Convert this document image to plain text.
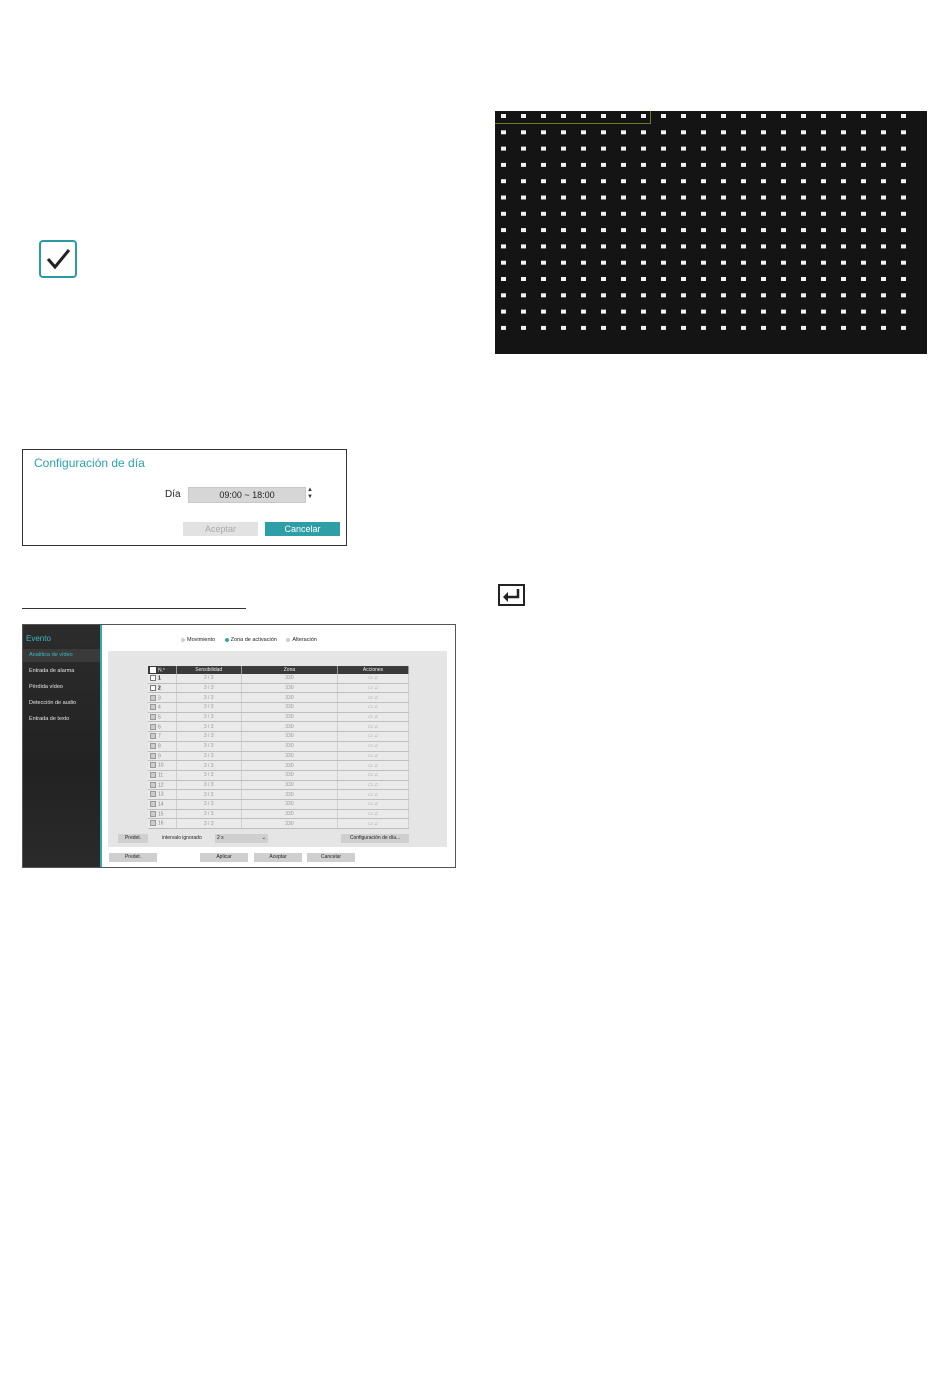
Configuración de día
Día	09:00 ~ 18:00	▲
▼
Aceptar	Cancelar
Evento
Analítica de vídeo
Entrada de alarma
Pérdida vídeo
Detección de audio
Entrada de texto
Movimiento	Zona de activación	Alteración
N.º	Sensibilidad	Zona	Acciones
1	3 / 3	330	▭ ♫
2	3 / 3	330	▭ ♫
3	3 / 3	330	▭ ♫
4	3 / 3	330	▭ ♫
5	3 / 3	330	▭ ♫
6	3 / 3	330	▭ ♫
7	3 / 3	330	▭ ♫
8	3 / 3	330	▭ ♫
9	3 / 3	330	▭ ♫
10	3 / 3	330	▭ ♫
11	3 / 3	330	▭ ♫
12	3 / 3	330	▭ ♫
13	3 / 3	330	▭ ♫
14	3 / 3	330	▭ ♫
15	3 / 3	330	▭ ♫
16	3 / 3	330	▭ ♫
Predet.	intervalo ignorado	2 s	⌄	Configuración de día...
Predet.	Aplicar	Aceptar	Cancelar
